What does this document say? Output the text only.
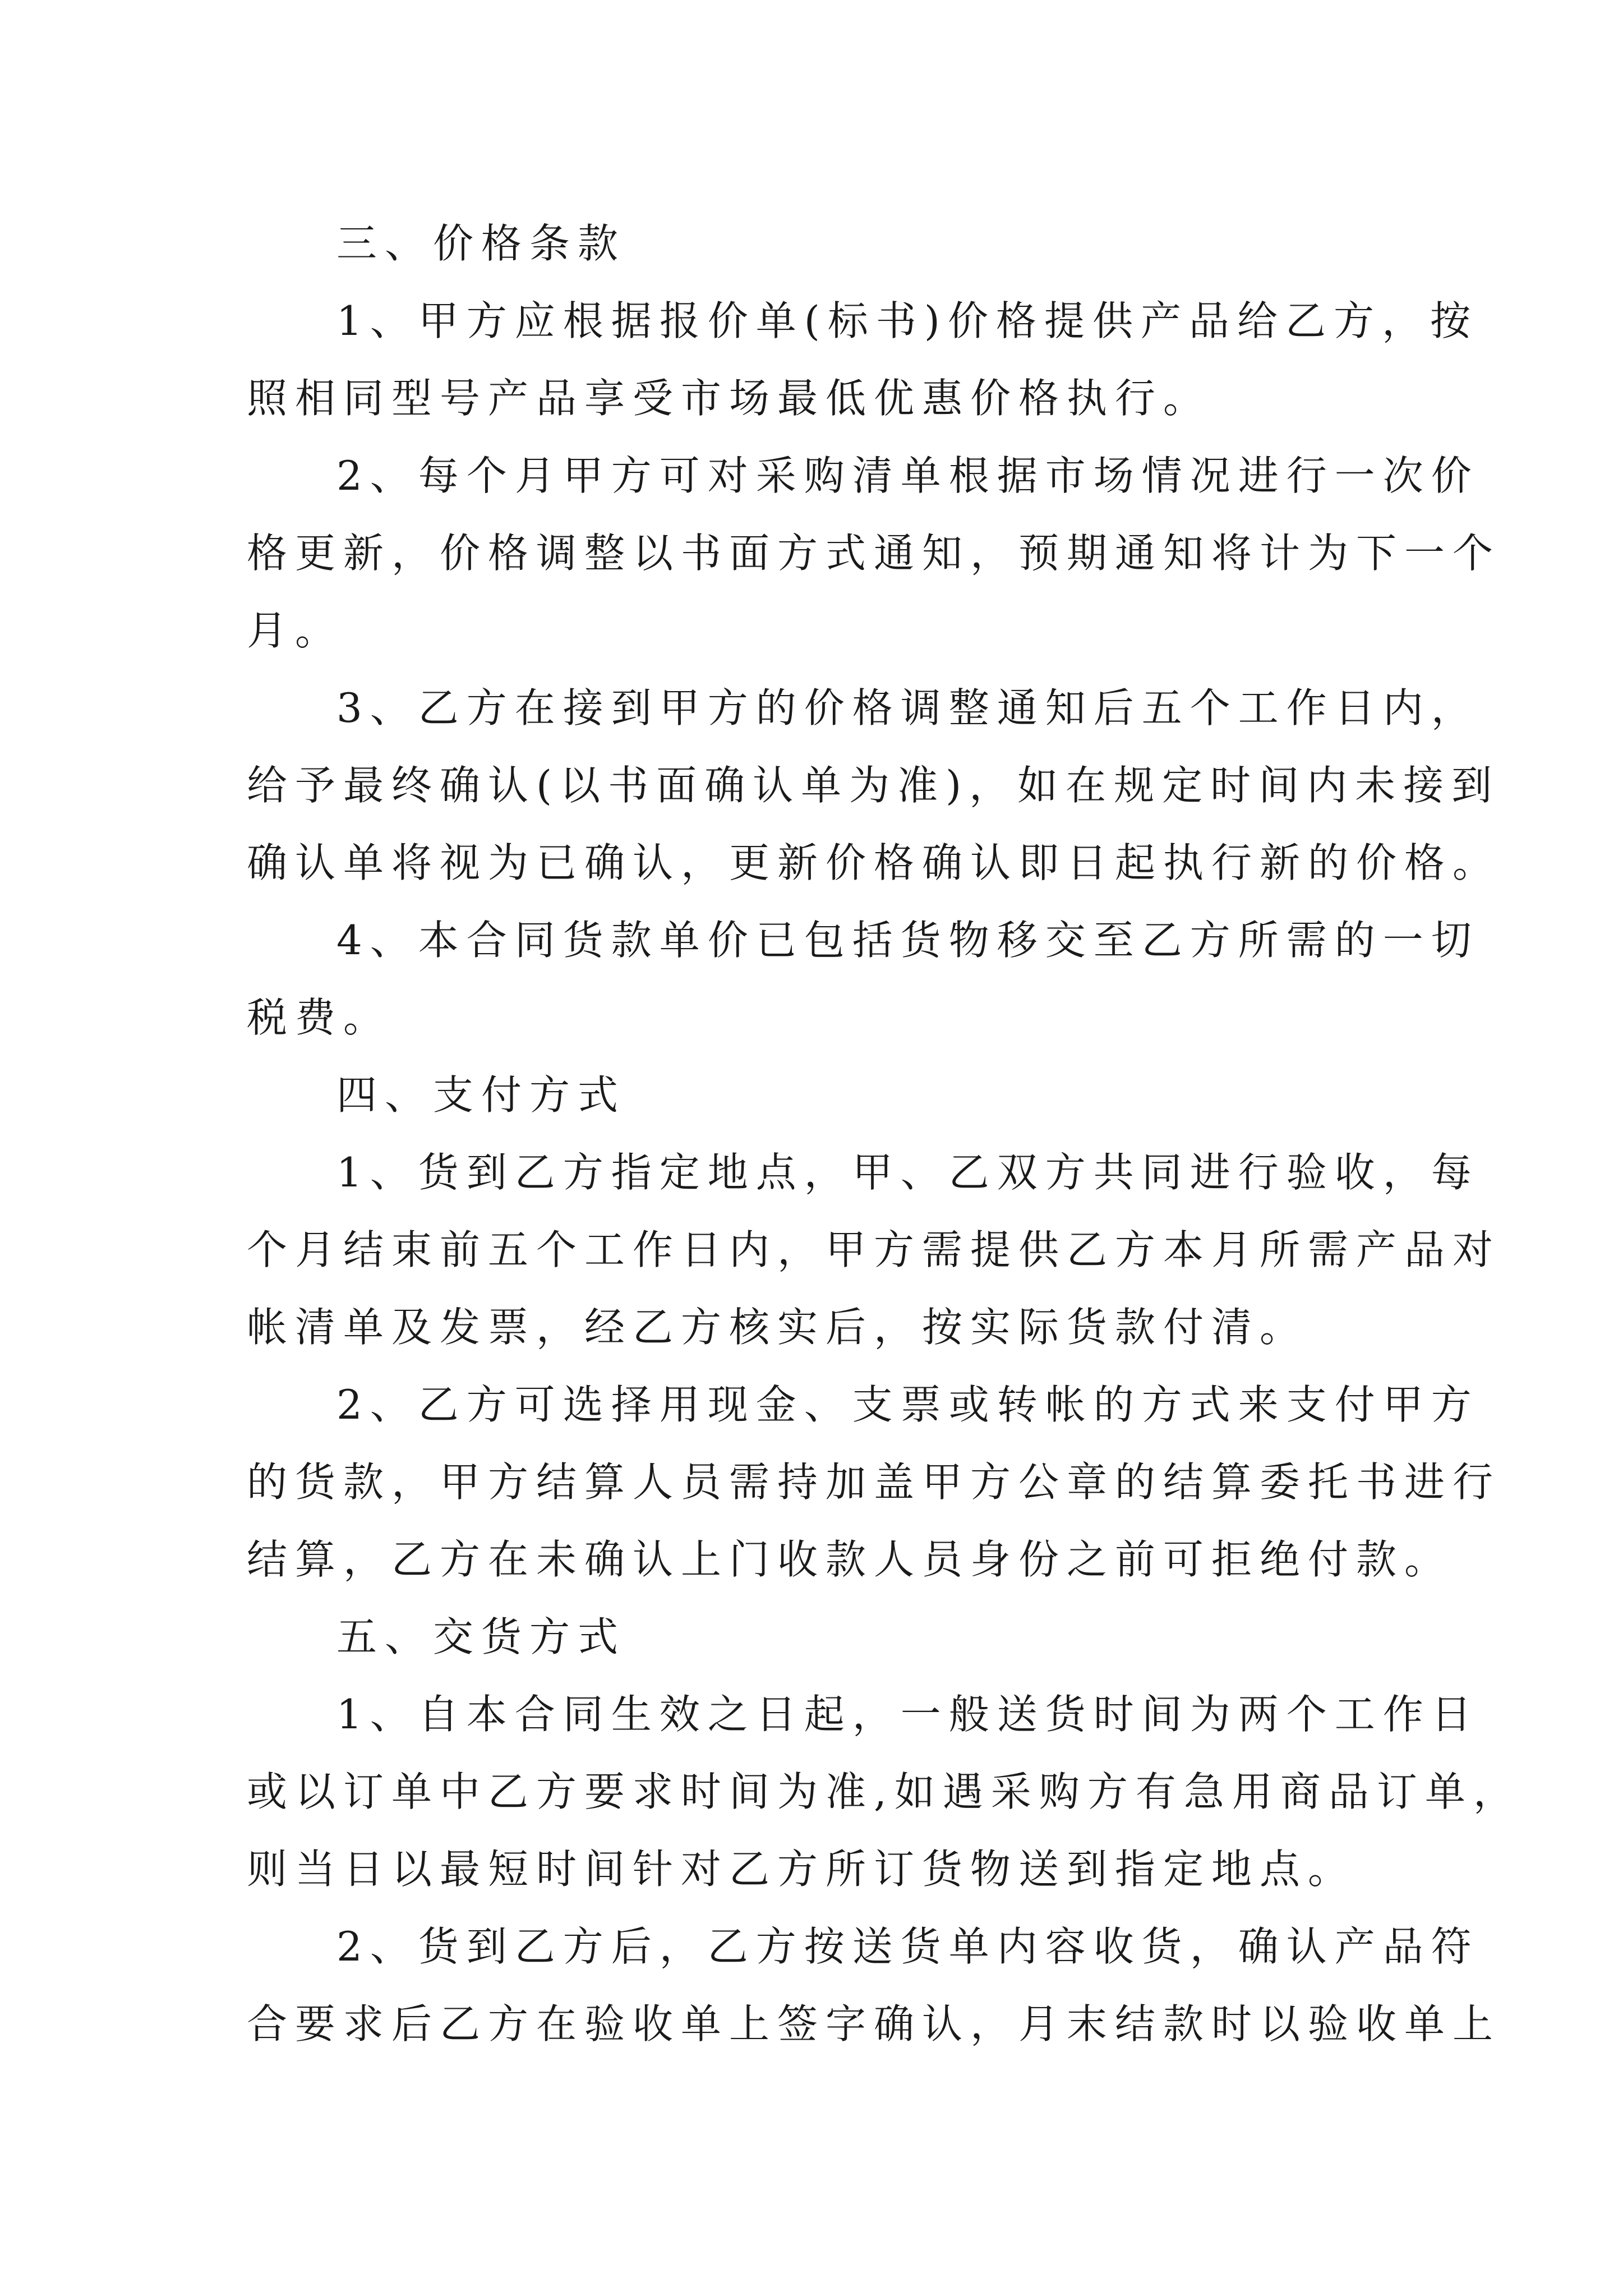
三、价格条款
1、甲方应根据报价单(标书)价格提供产品给乙方，按
照相同型号产品享受市场最低优惠价格执行。
2、每个月甲方可对采购清单根据市场情况进行一次价
格更新，价格调整以书面方式通知，预期通知将计为下一个
月。
3、乙方在接到甲方的价格调整通知后五个工作日内，
给予最终确认(以书面确认单为准)，如在规定时间内未接到
确认单将视为已确认，更新价格确认即日起执行新的价格。
4、本合同货款单价已包括货物移交至乙方所需的一切
税费。
四、支付方式
1、货到乙方指定地点，甲、乙双方共同进行验收，每
个月结束前五个工作日内，甲方需提供乙方本月所需产品对
帐清单及发票，经乙方核实后，按实际货款付清。
2、乙方可选择用现金、支票或转帐的方式来支付甲方
的货款，甲方结算人员需持加盖甲方公章的结算委托书进行
结算，乙方在未确认上门收款人员身份之前可拒绝付款。
五、交货方式
1、自本合同生效之日起，一般送货时间为两个工作日
或以订单中乙方要求时间为准,如遇采购方有急用商品订单，
则当日以最短时间针对乙方所订货物送到指定地点。
2、货到乙方后，乙方按送货单内容收货，确认产品符
合要求后乙方在验收单上签字确认，月末结款时以验收单上
